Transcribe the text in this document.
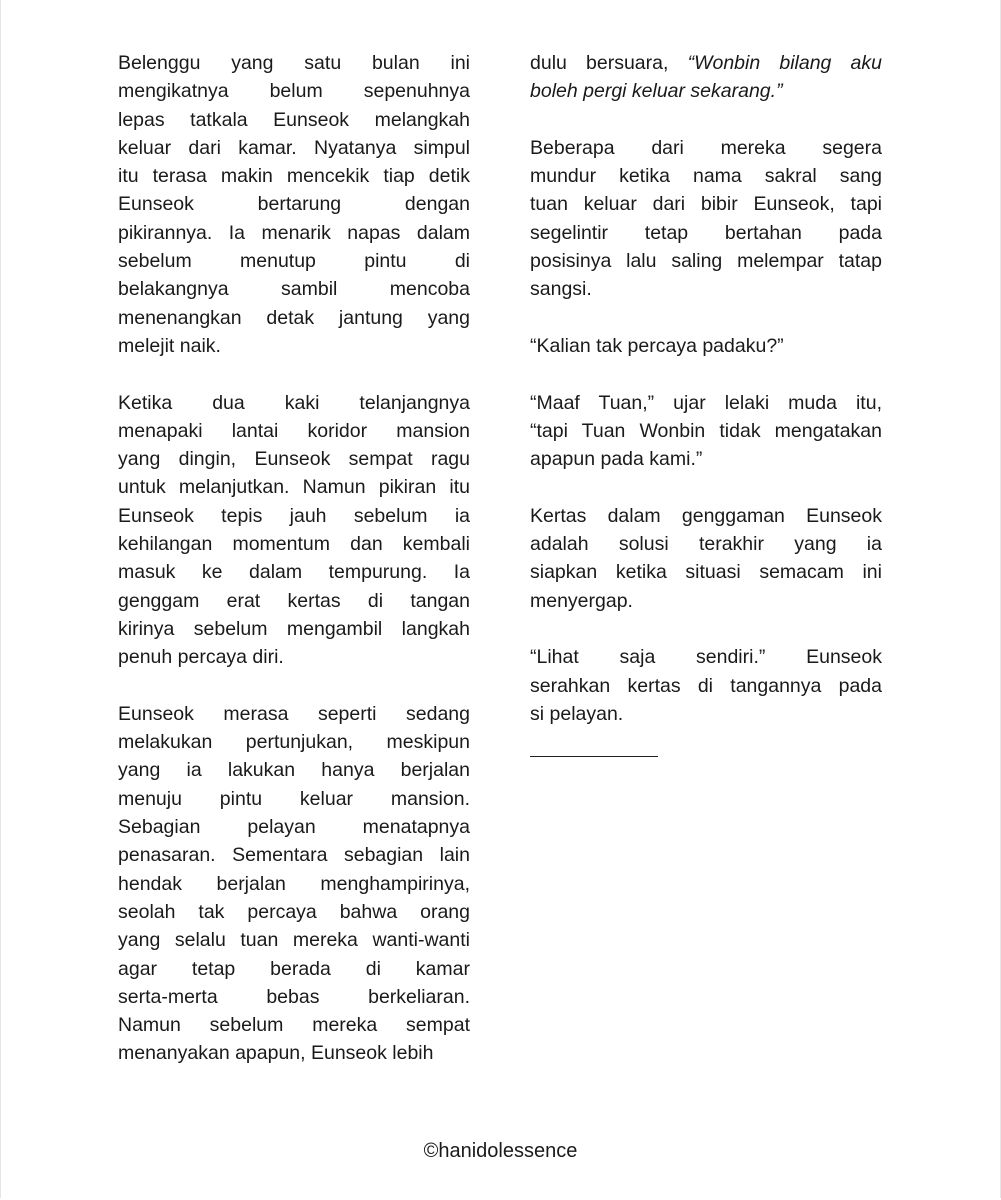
Belenggu yang satu bulan ini
mengikatnya belum sepenuhnya
lepas tatkala Eunseok melangkah
keluar dari kamar. Nyatanya simpul
itu terasa makin mencekik tiap detik
Eunseok bertarung dengan
pikirannya. Ia menarik napas dalam
sebelum menutup pintu di
belakangnya sambil mencoba
menenangkan detak jantung yang
melejit naik.
Ketika dua kaki telanjangnya
menapaki lantai koridor mansion
yang dingin, Eunseok sempat ragu
untuk melanjutkan. Namun pikiran itu
Eunseok tepis jauh sebelum ia
kehilangan momentum dan kembali
masuk ke dalam tempurung. Ia
genggam erat kertas di tangan
kirinya sebelum mengambil langkah
penuh percaya diri.
Eunseok merasa seperti sedang
melakukan pertunjukan, meskipun
yang ia lakukan hanya berjalan
menuju pintu keluar mansion.
Sebagian pelayan menatapnya
penasaran. Sementara sebagian lain
hendak berjalan menghampirinya,
seolah tak percaya bahwa orang
yang selalu tuan mereka wanti-wanti
agar tetap berada di kamar
serta-merta bebas berkeliaran.
Namun sebelum mereka sempat
menanyakan apapun, Eunseok lebih
dulu bersuara, “Wonbin bilang aku
boleh pergi keluar sekarang.”
Beberapa dari mereka segera
mundur ketika nama sakral sang
tuan keluar dari bibir Eunseok, tapi
segelintir tetap bertahan pada
posisinya lalu saling melempar tatap
sangsi.
“Kalian tak percaya padaku?”
“Maaf Tuan,” ujar lelaki muda itu,
“tapi Tuan Wonbin tidak mengatakan
apapun pada kami.”
Kertas dalam genggaman Eunseok
adalah solusi terakhir yang ia
siapkan ketika situasi semacam ini
menyergap.
“Lihat saja sendiri.” Eunseok
serahkan kertas di tangannya pada
si pelayan.
©hanidolessence
